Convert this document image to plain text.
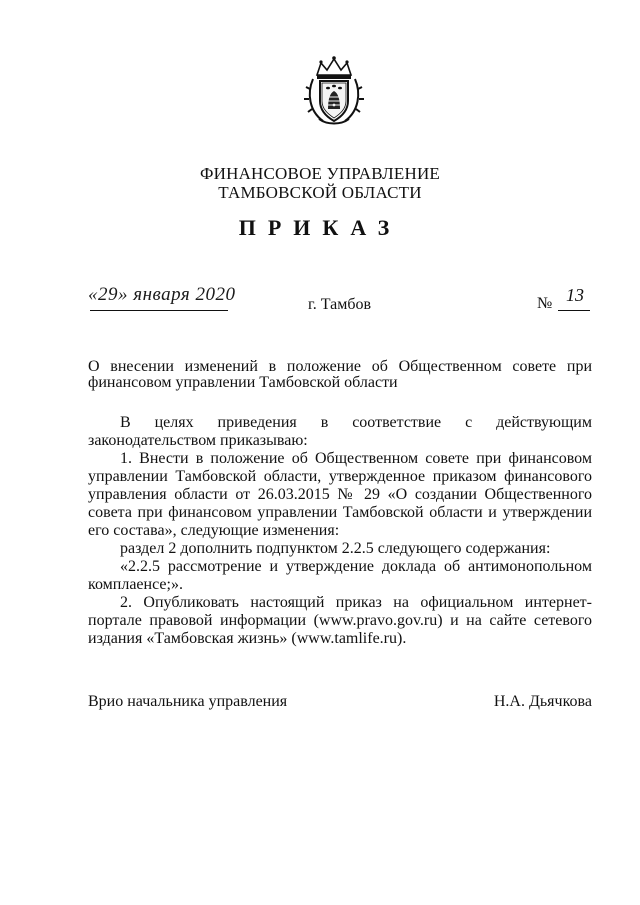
ФИНАНСОВОЕ УПРАВЛЕНИЕ
ТАМБОВСКОЙ ОБЛАСТИ
ПРИКАЗ
«29» января 2020	г. Тамбов	№ 13
О внесении изменений в положение об Общественном совете при
финансовом управлении Тамбовской области

В целях приведения в соответствие с действующим законодательством приказываю:

1. Внести в положение об Общественном совете при финансовом управлении Тамбовской области, утвержденное приказом финансового управления области от 26.03.2015 № 29 «О создании Общественного совета при финансовом управлении Тамбовской области и утверждении его состава», следующие изменения:

раздел 2 дополнить подпунктом 2.2.5 следующего содержания:

«2.2.5 рассмотрение и утверждение доклада об антимонопольном комплаенсе;».

2. Опубликовать настоящий приказ на официальном интернет-портале правовой информации (www.pravo.gov.ru) и на сайте сетевого издания «Тамбовская жизнь» (www.tamlife.ru).

Врио начальника управления	Н.А. Дьячкова
